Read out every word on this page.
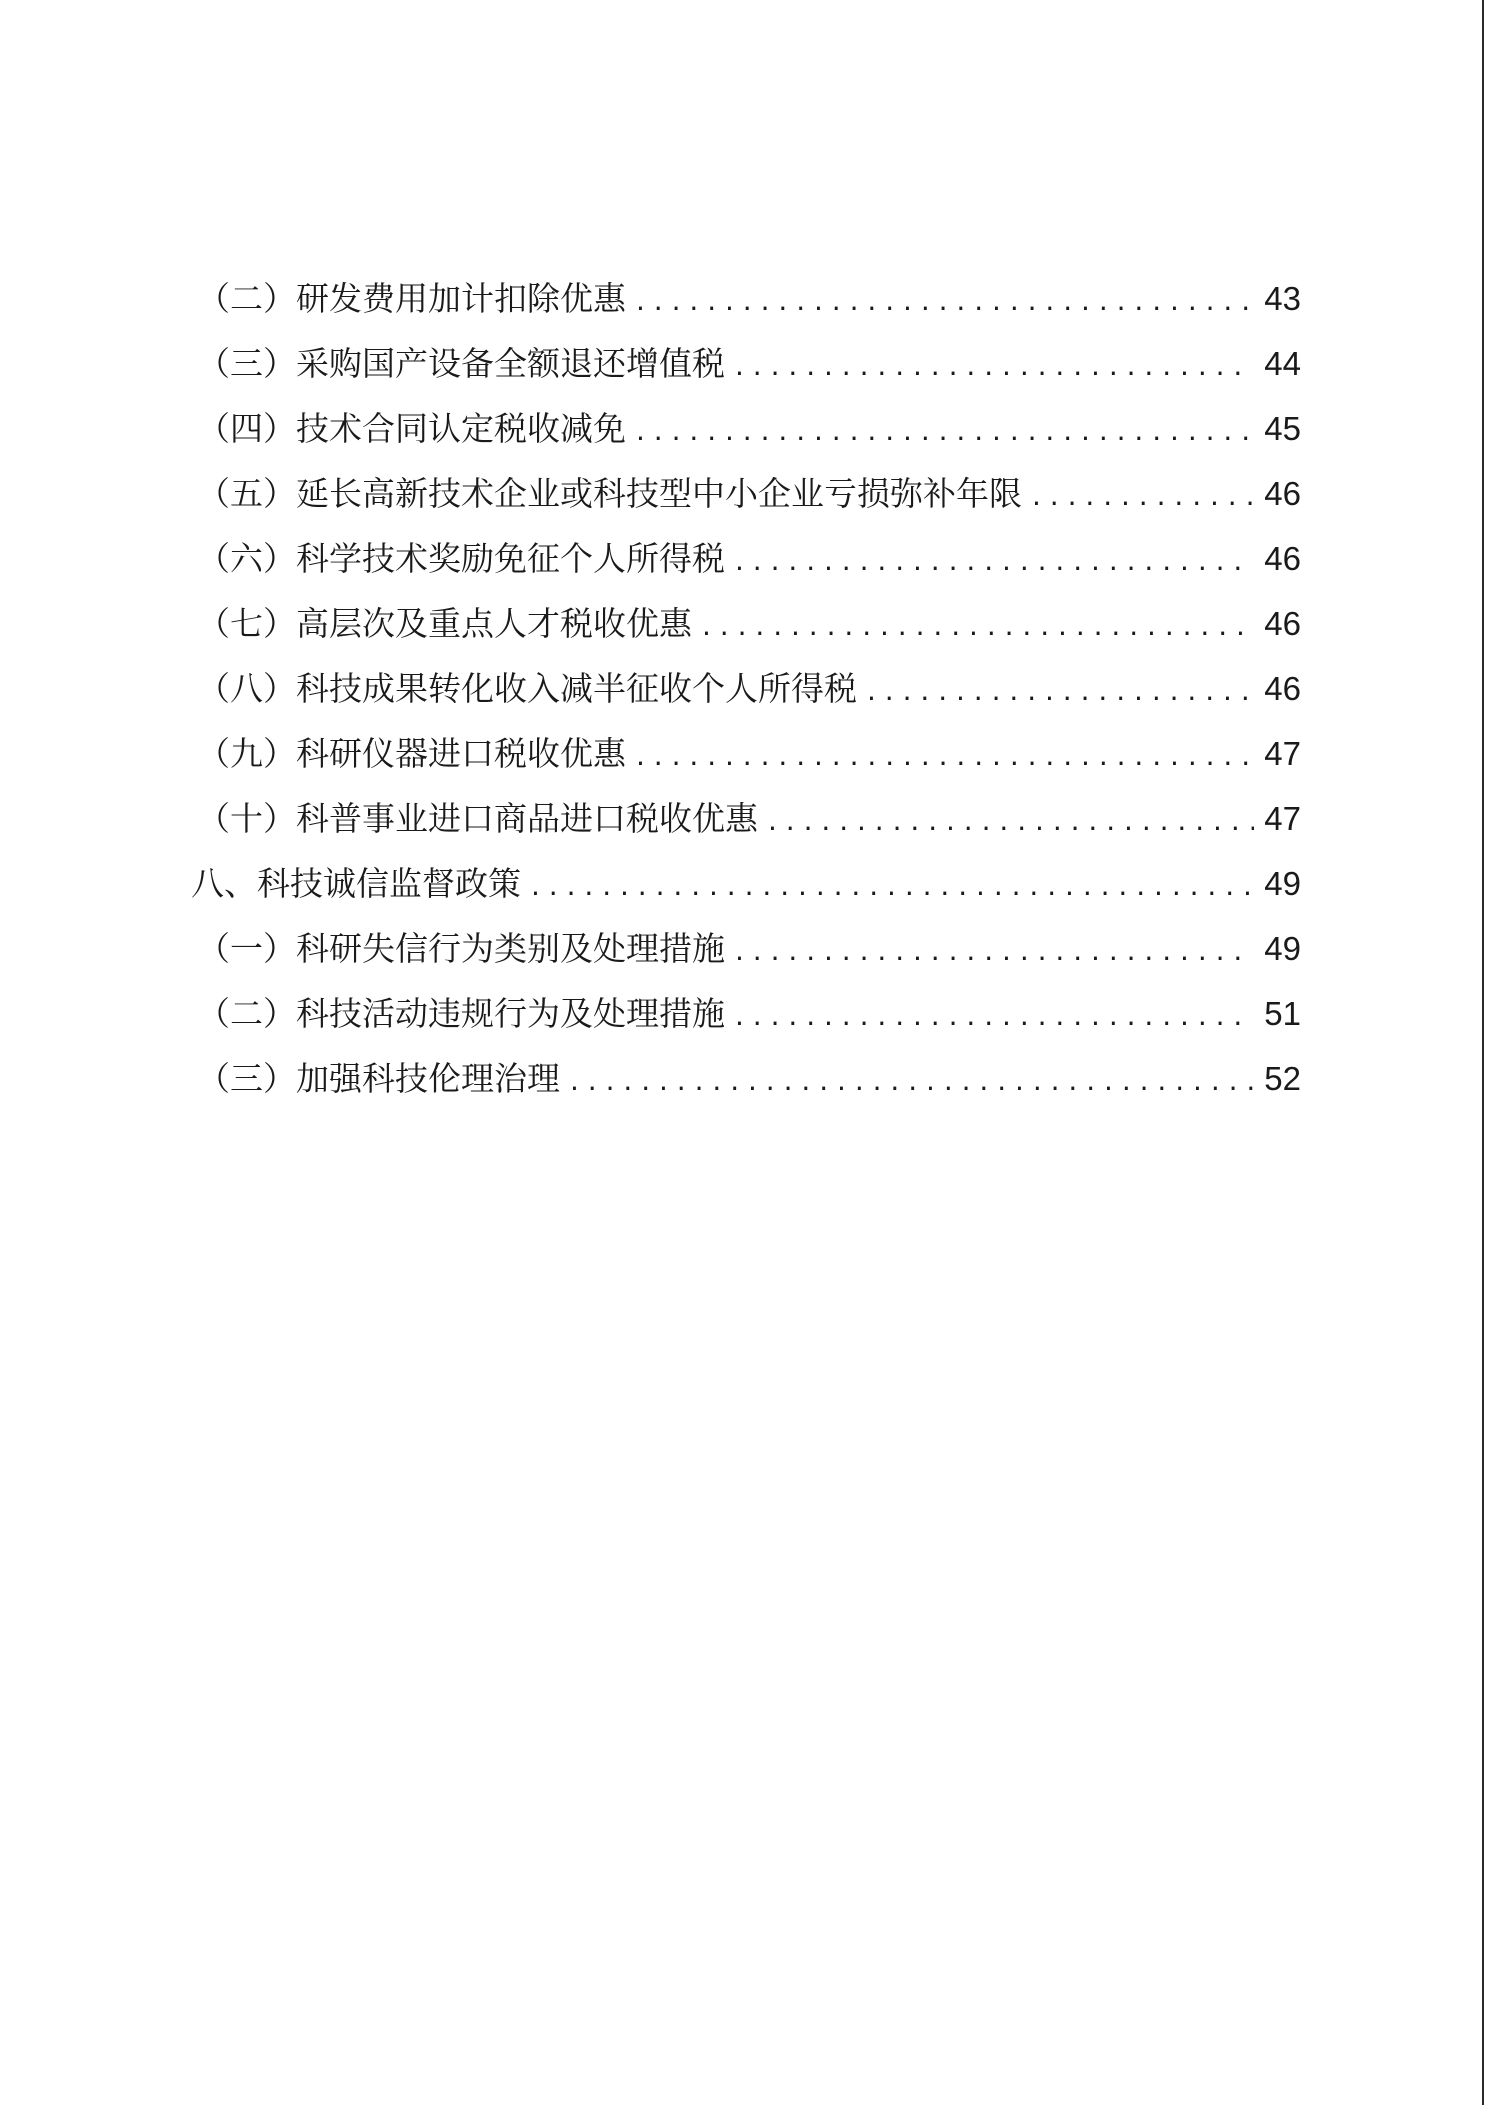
（二）研发费用加计扣除优惠 . . .	43
（三）采购国产设备全额退还增值税 . . .	44
（四）技术合同认定税收减免 . . .	45
（五）延长高新技术企业或科技型中小企业亏损弥补年限 . . .	46
（六）科学技术奖励免征个人所得税 . . .	46
（七）高层次及重点人才税收优惠 . . .	46
（八）科技成果转化收入减半征收个人所得税 . . .	46
（九）科研仪器进口税收优惠 . . .	47
（十）科普事业进口商品进口税收优惠 . . .	47
八、科技诚信监督政策 . . .	49
（一）科研失信行为类别及处理措施 . . .	49
（二）科技活动违规行为及处理措施 . . .	51
（三）加强科技伦理治理 . . .	52
